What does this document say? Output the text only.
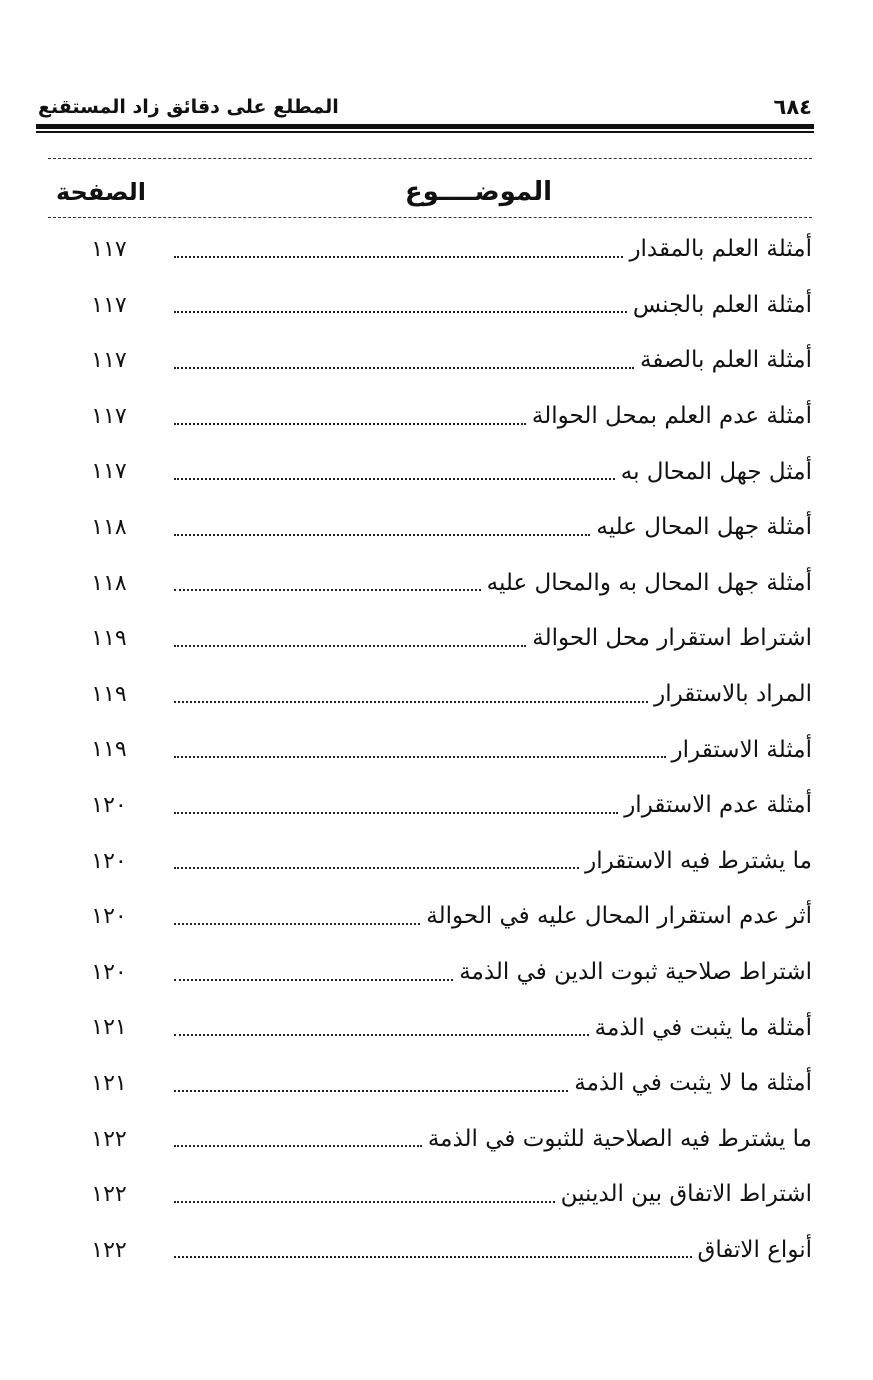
٦٨٤
المطلع على دقائق زاد المستقنع
الموضــــوع
الصفحة
أمثلة العلم بالمقدار
١١٧
أمثلة العلم بالجنس
١١٧
أمثلة العلم بالصفة
١١٧
أمثلة عدم العلم بمحل الحوالة
١١٧
أمثل جهل المحال به
١١٧
أمثلة جهل المحال عليه
١١٨
أمثلة جهل المحال به والمحال عليه
١١٨
اشتراط استقرار محل الحوالة
١١٩
المراد بالاستقرار
١١٩
أمثلة الاستقرار
١١٩
أمثلة عدم الاستقرار
١٢٠
ما يشترط فيه الاستقرار
١٢٠
أثر عدم استقرار المحال عليه في الحوالة
١٢٠
اشتراط صلاحية ثبوت الدين في الذمة
١٢٠
أمثلة ما يثبت في الذمة
١٢١
أمثلة ما لا يثبت في الذمة
١٢١
ما يشترط فيه الصلاحية للثبوت في الذمة
١٢٢
اشتراط الاتفاق بين الدينين
١٢٢
أنواع الاتفاق
١٢٢
